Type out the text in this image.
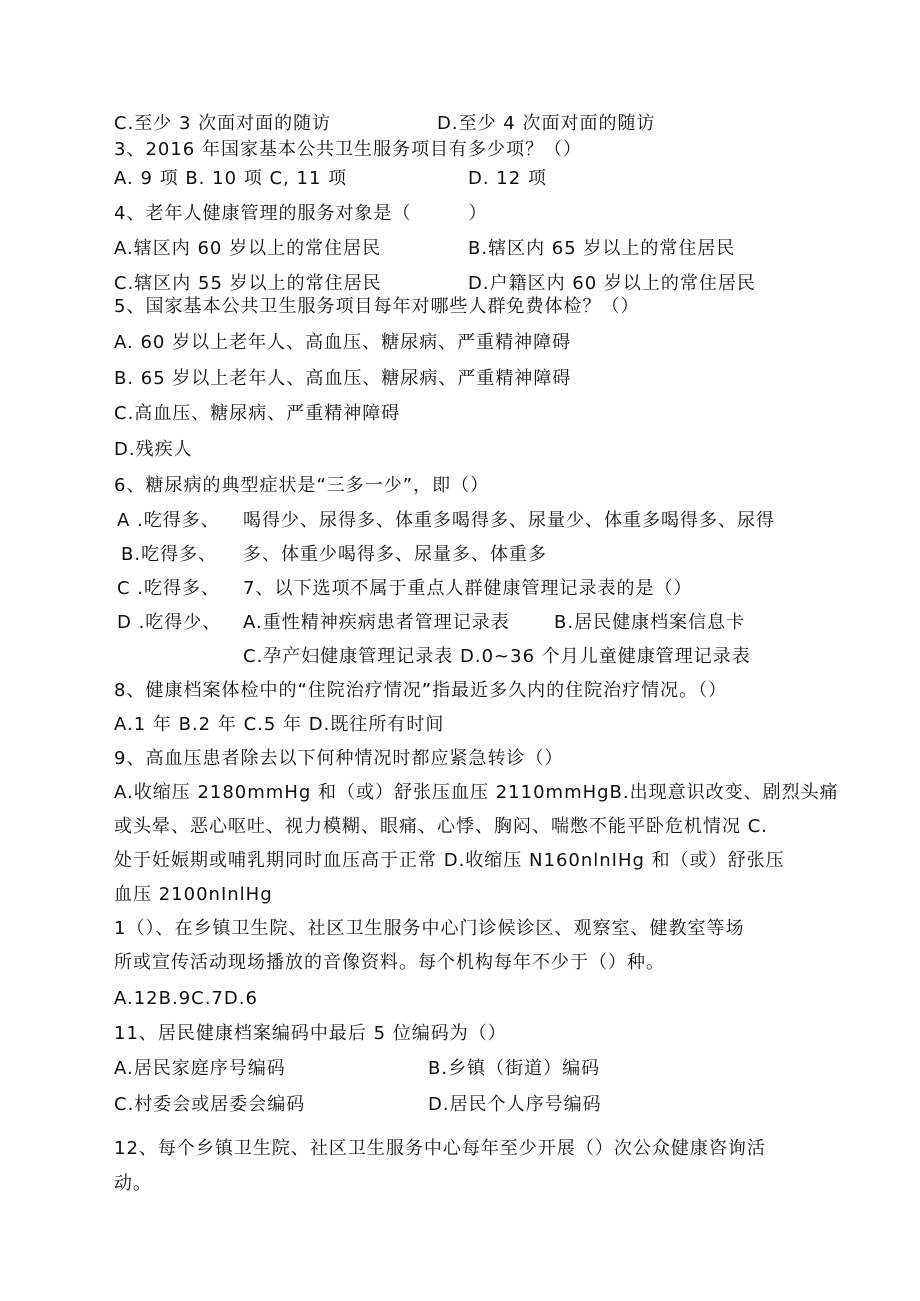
C.至少 3 次面对面的随访	D.至少 4 次面对面的随访
3、2016 年国家基本公共卫生服务项目有多少项？（）
A. 9 项 B. 10 项 C, 11 项	D. 12 项
4、老年人健康管理的服务对象是（　　　）
A.辖区内 60 岁以上的常住居民	B.辖区内 65 岁以上的常住居民
C.辖区内 55 岁以上的常住居民	D.户籍区内 60 岁以上的常住居民
5、国家基本公共卫生服务项目每年对哪些人群免费体检？（）
A. 60 岁以上老年人、高血压、糖尿病、严重精神障碍
B. 65 岁以上老年人、高血压、糖尿病、严重精神障碍
C.高血压、糖尿病、严重精神障碍
D.残疾人
6、糖尿病的典型症状是“三多一少”，即（）
A .吃得多、 喝得少、尿得多、体重多喝得多、尿量少、体重多喝得多、尿得
B.吃得多、 多、体重少喝得多、尿量多、体重多
C .吃得多、 7、以下选项不属于重点人群健康管理记录表的是（）
D .吃得少、 A.重性精神疾病患者管理记录表 B.居民健康档案信息卡
C.孕产妇健康管理记录表 D.0~36 个月儿童健康管理记录表
8、健康档案体检中的“住院治疗情况”指最近多久内的住院治疗情况。（）
A.1 年 B.2 年 C.5 年 D.既往所有时间
9、高血压患者除去以下何种情况时都应紧急转诊（）
A.收缩压 2180mmHg 和（或）舒张压血压 2110mmHgB.出现意识改变、剧烈头痛
或头晕、恶心呕吐、视力模糊、眼痛、心悸、胸闷、喘憋不能平卧危机情况 C.
处于妊娠期或哺乳期同时血压高于正常 D.收缩压 N160nlnIHg 和（或）舒张压
血压 2100nInlHg
1（）、在乡镇卫生院、社区卫生服务中心门诊候诊区、观察室、健教室等场
所或宣传活动现场播放的音像资料。每个机构每年不少于（）种。
A.12B.9C.7D.6
11、居民健康档案编码中最后 5 位编码为（）
A.居民家庭序号编码	B.乡镇（街道）编码
C.村委会或居委会编码	D.居民个人序号编码
12、每个乡镇卫生院、社区卫生服务中心每年至少开展（）次公众健康咨询活
动。
